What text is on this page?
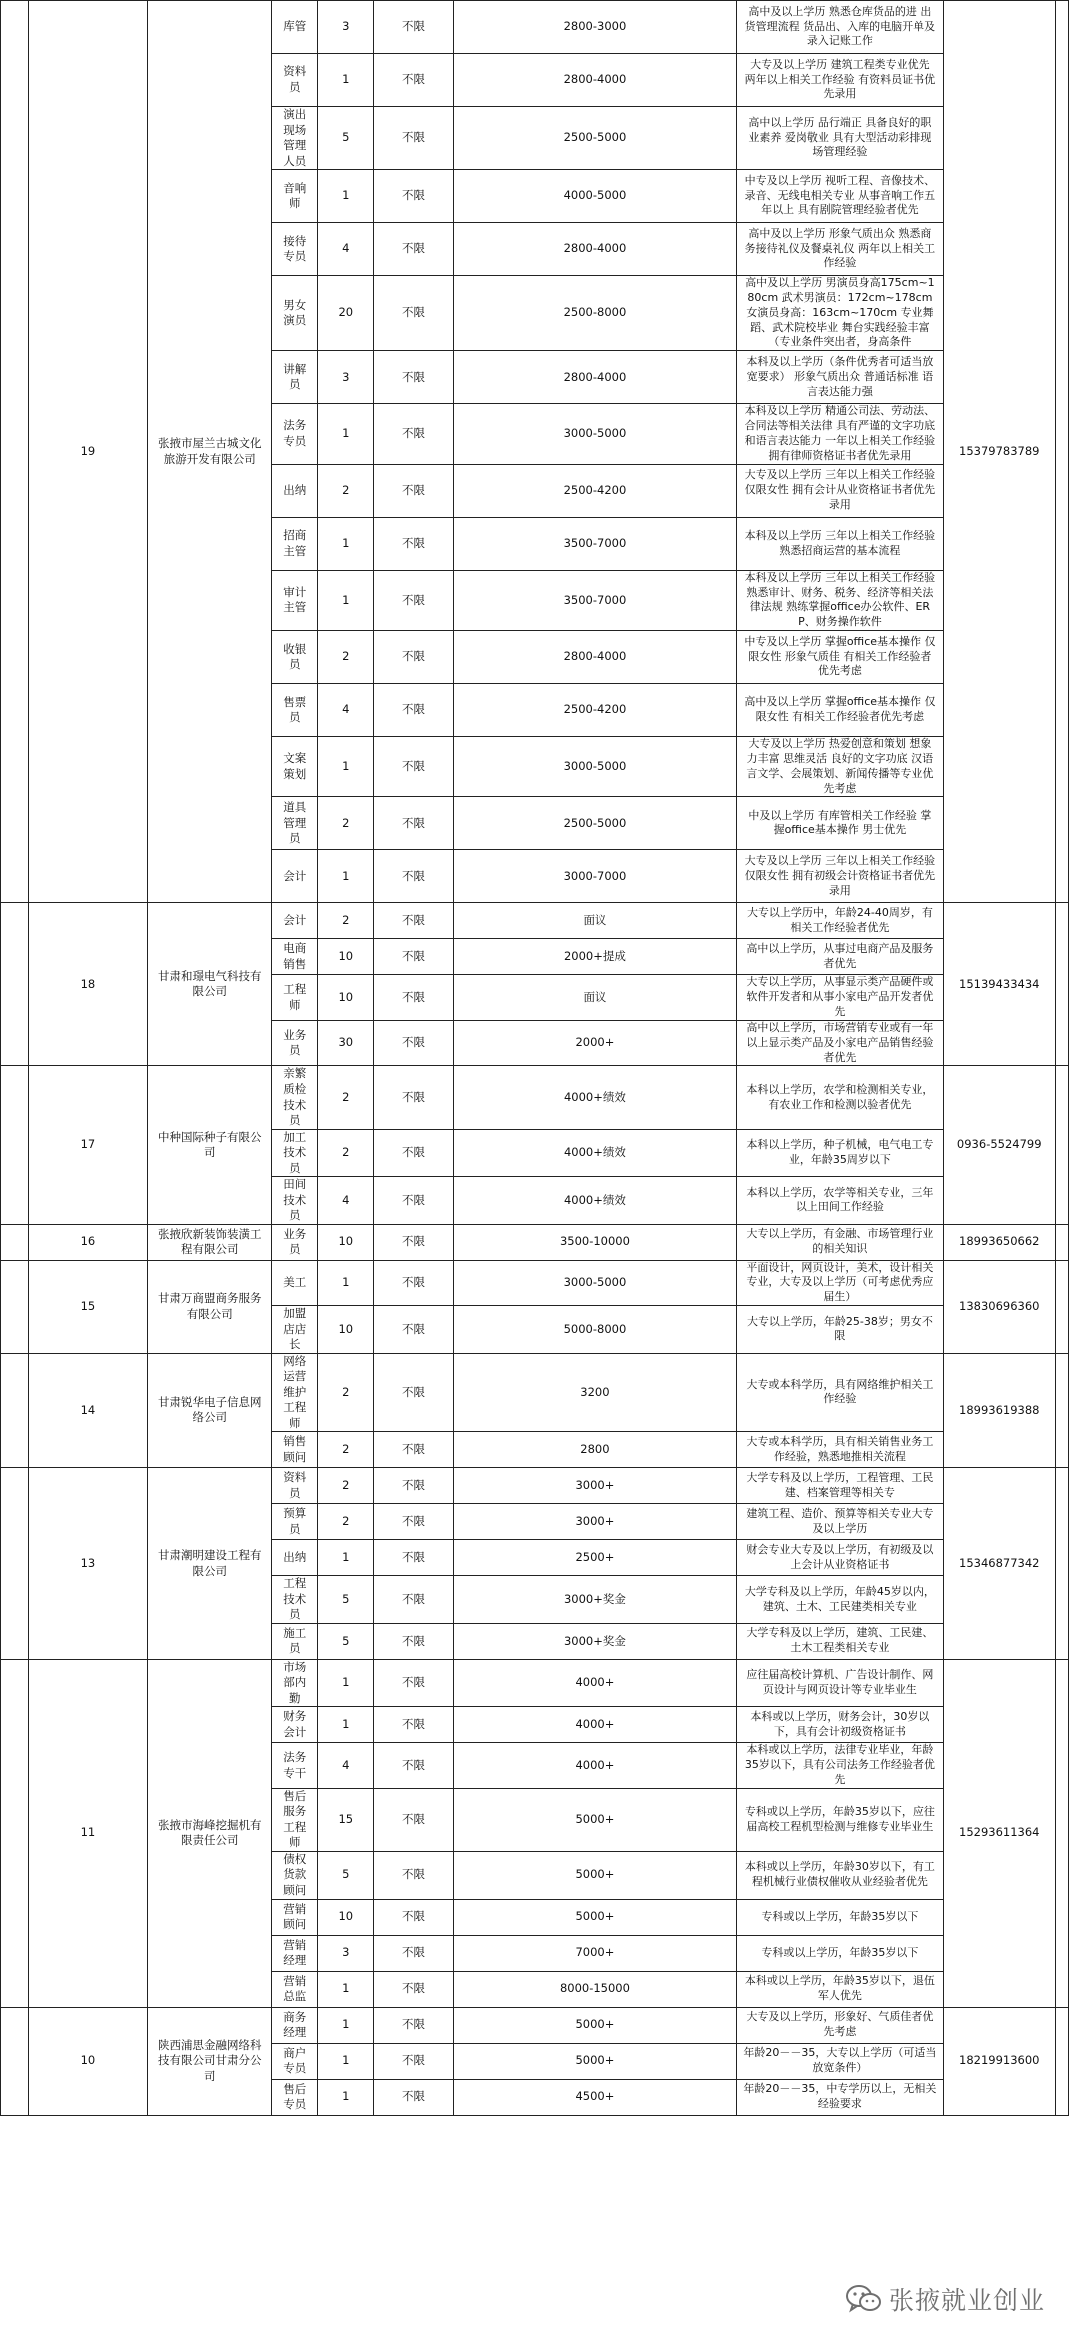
	19	张掖市屋兰古城文化旅游开发有限公司	库管	3	不限	2800-3000	高中及以上学历 熟悉仓库货品的进 出货管理流程 货品出、入库的电脑开单及录入记账工作	15379783789	
			资料员	1	不限	2800-4000	大专及以上学历 建筑工程类专业优先 两年以上相关工作经验 有资料员证书优先录用		
			演出现场管理人员	5	不限	2500-5000	高中以上学历 品行端正 具备良好的职业素养 爱岗敬业 具有大型活动彩排现场管理经验		
			音响师	1	不限	4000-5000	中专及以上学历 视听工程、音像技术、录音、无线电相关专业 从事音响工作五年以上 具有剧院管理经验者优先		
			接待专员	4	不限	2800-4000	高中及以上学历 形象气质出众 熟悉商务接待礼仪及餐桌礼仪 两年以上相关工作经验		
			男女演员	20	不限	2500-8000	高中及以上学历 男演员身高175cm~180cm 武术男演员：172cm~178cm 女演员身高：163cm~170cm 专业舞蹈、武术院校毕业 舞台实践经验丰富（专业条件突出者，身高条件		
			讲解员	3	不限	2800-4000	本科及以上学历（条件优秀者可适当放宽要求） 形象气质出众 普通话标准 语言表达能力强		
			法务专员	1	不限	3000-5000	本科及以上学历 精通公司法、劳动法、合同法等相关法律 具有严谨的文字功底和语言表达能力 一年以上相关工作经验 拥有律师资格证书者优先录用		
			出纳	2	不限	2500-4200	大专及以上学历 三年以上相关工作经验 仅限女性 拥有会计从业资格证书者优先录用		
			招商主管	1	不限	3500-7000	本科及以上学历 三年以上相关工作经验 熟悉招商运营的基本流程		
			审计主管	1	不限	3500-7000	本科及以上学历 三年以上相关工作经验 熟悉审计、财务、税务、经济等相关法律法规 熟练掌握office办公软件、ERP、财务操作软件		
			收银员	2	不限	2800-4000	中专及以上学历 掌握office基本操作 仅限女性 形象气质佳 有相关工作经验者优先考虑		
			售票员	4	不限	2500-4200	高中及以上学历 掌握office基本操作 仅限女性 有相关工作经验者优先考虑		
			文案策划	1	不限	3000-5000	大专及以上学历 热爱创意和策划 想象力丰富 思维灵活 良好的文字功底 汉语言文学、会展策划、新闻传播等专业优先考虑		
			道具管理员	2	不限	2500-5000	中及以上学历 有库管相关工作经验 掌握office基本操作 男士优先		
			会计	1	不限	3000-7000	大专及以上学历 三年以上相关工作经验 仅限女性 拥有初级会计资格证书者优先录用		
	18	甘肃和璟电气科技有限公司	会计	2	不限	面议	大专以上学历中，年龄24-40周岁，有相关工作经验者优先	15139433434	
			电商销售	10	不限	2000+提成	高中以上学历，从事过电商产品及服务者优先		
			工程师	10	不限	面议	大专以上学历，从事显示类产品硬件或软件开发者和从事小家电产品开发者优先		
			业务员	30	不限	2000+	高中以上学历，市场营销专业或有一年以上显示类产品及小家电产品销售经验者优先		
	17	中种国际种子有限公司	亲繁质检技术员	2	不限	4000+绩效	本科以上学历，农学和检测相关专业，有农业工作和检测以验者优先	0936-5524799	
			加工技术员	2	不限	4000+绩效	本科以上学历，种子机械，电气电工专业，年龄35周岁以下		
			田间技术员	4	不限	4000+绩效	本科以上学历，农学等相关专业，三年以上田间工作经验		
	16	张掖欣新装饰装潢工程有限公司	业务员	10	不限	3500-10000	大专以上学历，有金融、市场管理行业的相关知识	18993650662	
	15	甘肃万商盟商务服务有限公司	美工	1	不限	3000-5000	平面设计，网页设计，美术，设计相关专业，大专及以上学历（可考虑优秀应届生）	13830696360	
			加盟店店长	10	不限	5000-8000	大专以上学历，年龄25-38岁；男女不限		
	14	甘肃锐华电子信息网络公司	网络运营维护工程师	2	不限	3200	大专或本科学历，具有网络维护相关工作经验	18993619388	
			销售顾问	2	不限	2800	大专或本科学历，具有相关销售业务工作经验，熟悉地推相关流程		
	13	甘肃潮明建设工程有限公司	资料员	2	不限	3000+	大学专科及以上学历，工程管理、工民建、档案管理等相关专	15346877342	
			预算员	2	不限	3000+	建筑工程、造价、预算等相关专业大专及以上学历		
			出纳	1	不限	2500+	财会专业大专及以上学历，有初级及以上会计从业资格证书		
			工程技术员	5	不限	3000+奖金	大学专科及以上学历，年龄45岁以内，建筑、土木、工民建类相关专业		
			施工员	5	不限	3000+奖金	大学专科及以上学历，建筑、工民建、土木工程类相关专业		
	11	张掖市海峰挖掘机有限责任公司	市场部内勤	1	不限	4000+	应往届高校计算机、广告设计制作、网页设计与网页设计等专业毕业生	15293611364	
			财务会计	1	不限	4000+	本科或以上学历，财务会计，30岁以下，具有会计初级资格证书		
			法务专干	4	不限	4000+	本科或以上学历，法律专业毕业，年龄35岁以下，具有公司法务工作经验者优先		
			售后服务工程师	15	不限	5000+	专科或以上学历，年龄35岁以下，应往届高校工程机型检测与维修专业毕业生		
			债权货款顾问	5	不限	5000+	本科或以上学历，年龄30岁以下，有工程机械行业债权催收从业经验者优先		
			营销顾问	10	不限	5000+	专科或以上学历，年龄35岁以下		
			营销经理	3	不限	7000+	专科或以上学历，年龄35岁以下		
			营销总监	1	不限	8000-15000	本科或以上学历，年龄35岁以下，退伍军人优先		
	10	陕西浦思金融网络科技有限公司甘肃分公司	商务经理	1	不限	5000+	大专及以上学历，形象好、气质佳者优先考虑	18219913600	
			商户专员	1	不限	5000+	年龄20－－35，大专以上学历（可适当放宽条件）		
			售后专员	1	不限	4500+	年龄20－－35，中专学历以上，无相关经验要求		
张掖就业创业
